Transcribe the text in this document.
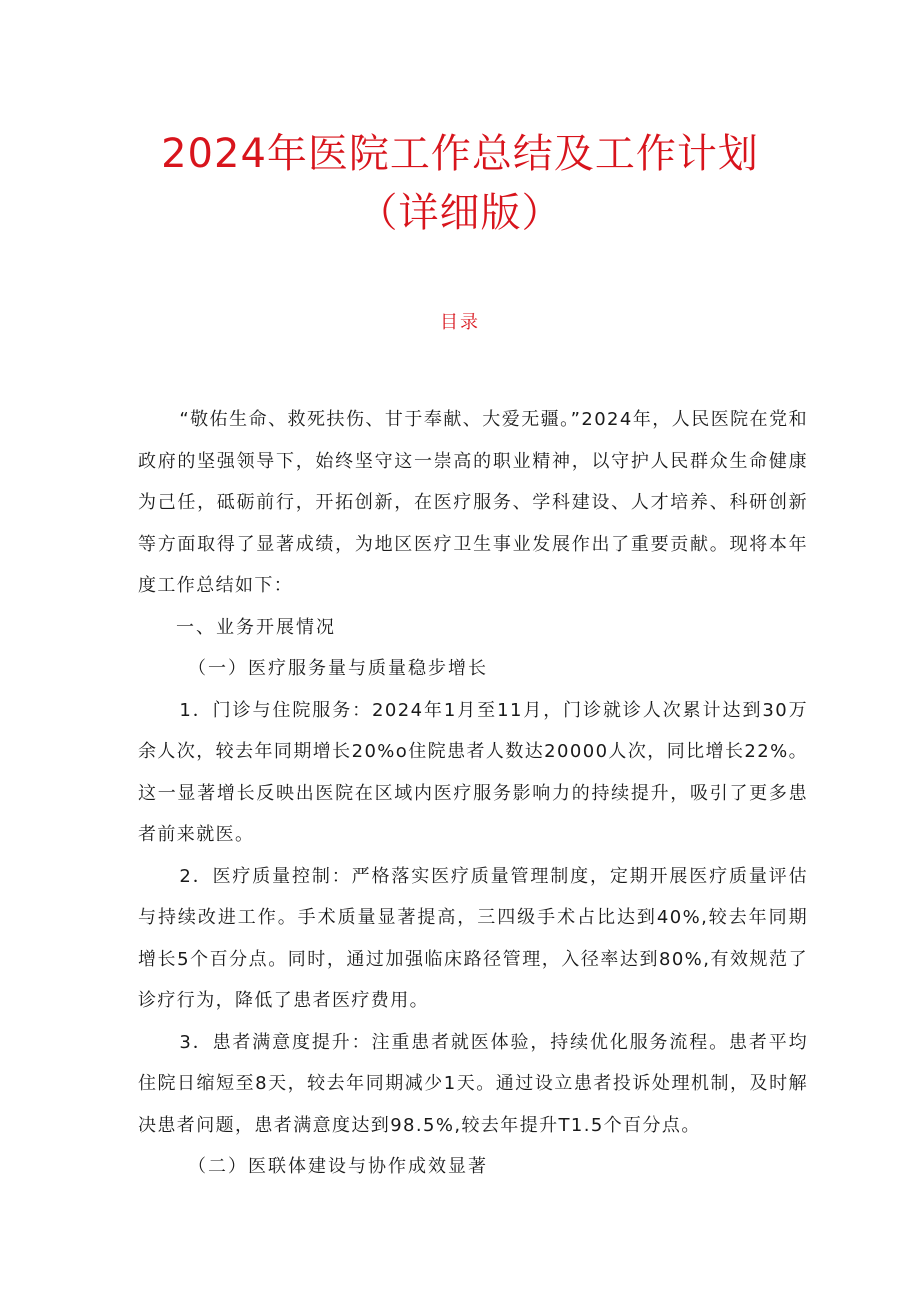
2024年医院工作总结及工作计划
（详细版）
目录

“敬佑生命、救死扶伤、甘于奉献、大爱无疆。”2024年，人民医院在党和政府的坚强领导下，始终坚守这一崇高的职业精神，以守护人民群众生命健康为己任，砥砺前行，开拓创新，在医疗服务、学科建设、人才培养、科研创新等方面取得了显著成绩，为地区医疗卫生事业发展作出了重要贡献。现将本年度工作总结如下：

一、业务开展情况

（一）医疗服务量与质量稳步增长

1．门诊与住院服务：2024年1月至11月，门诊就诊人次累计达到30万余人次，较去年同期增长20%o住院患者人数达20000人次，同比增长22%。这一显著增长反映出医院在区域内医疗服务影响力的持续提升，吸引了更多患者前来就医。

2．医疗质量控制：严格落实医疗质量管理制度，定期开展医疗质量评估与持续改进工作。手术质量显著提高，三四级手术占比达到40%,较去年同期增长5个百分点。同时，通过加强临床路径管理，入径率达到80%,有效规范了诊疗行为，降低了患者医疗费用。

3．患者满意度提升：注重患者就医体验，持续优化服务流程。患者平均住院日缩短至8天，较去年同期减少1天。通过设立患者投诉处理机制，及时解决患者问题，患者满意度达到98.5%,较去年提升T1.5个百分点。

（二）医联体建设与协作成效显著
